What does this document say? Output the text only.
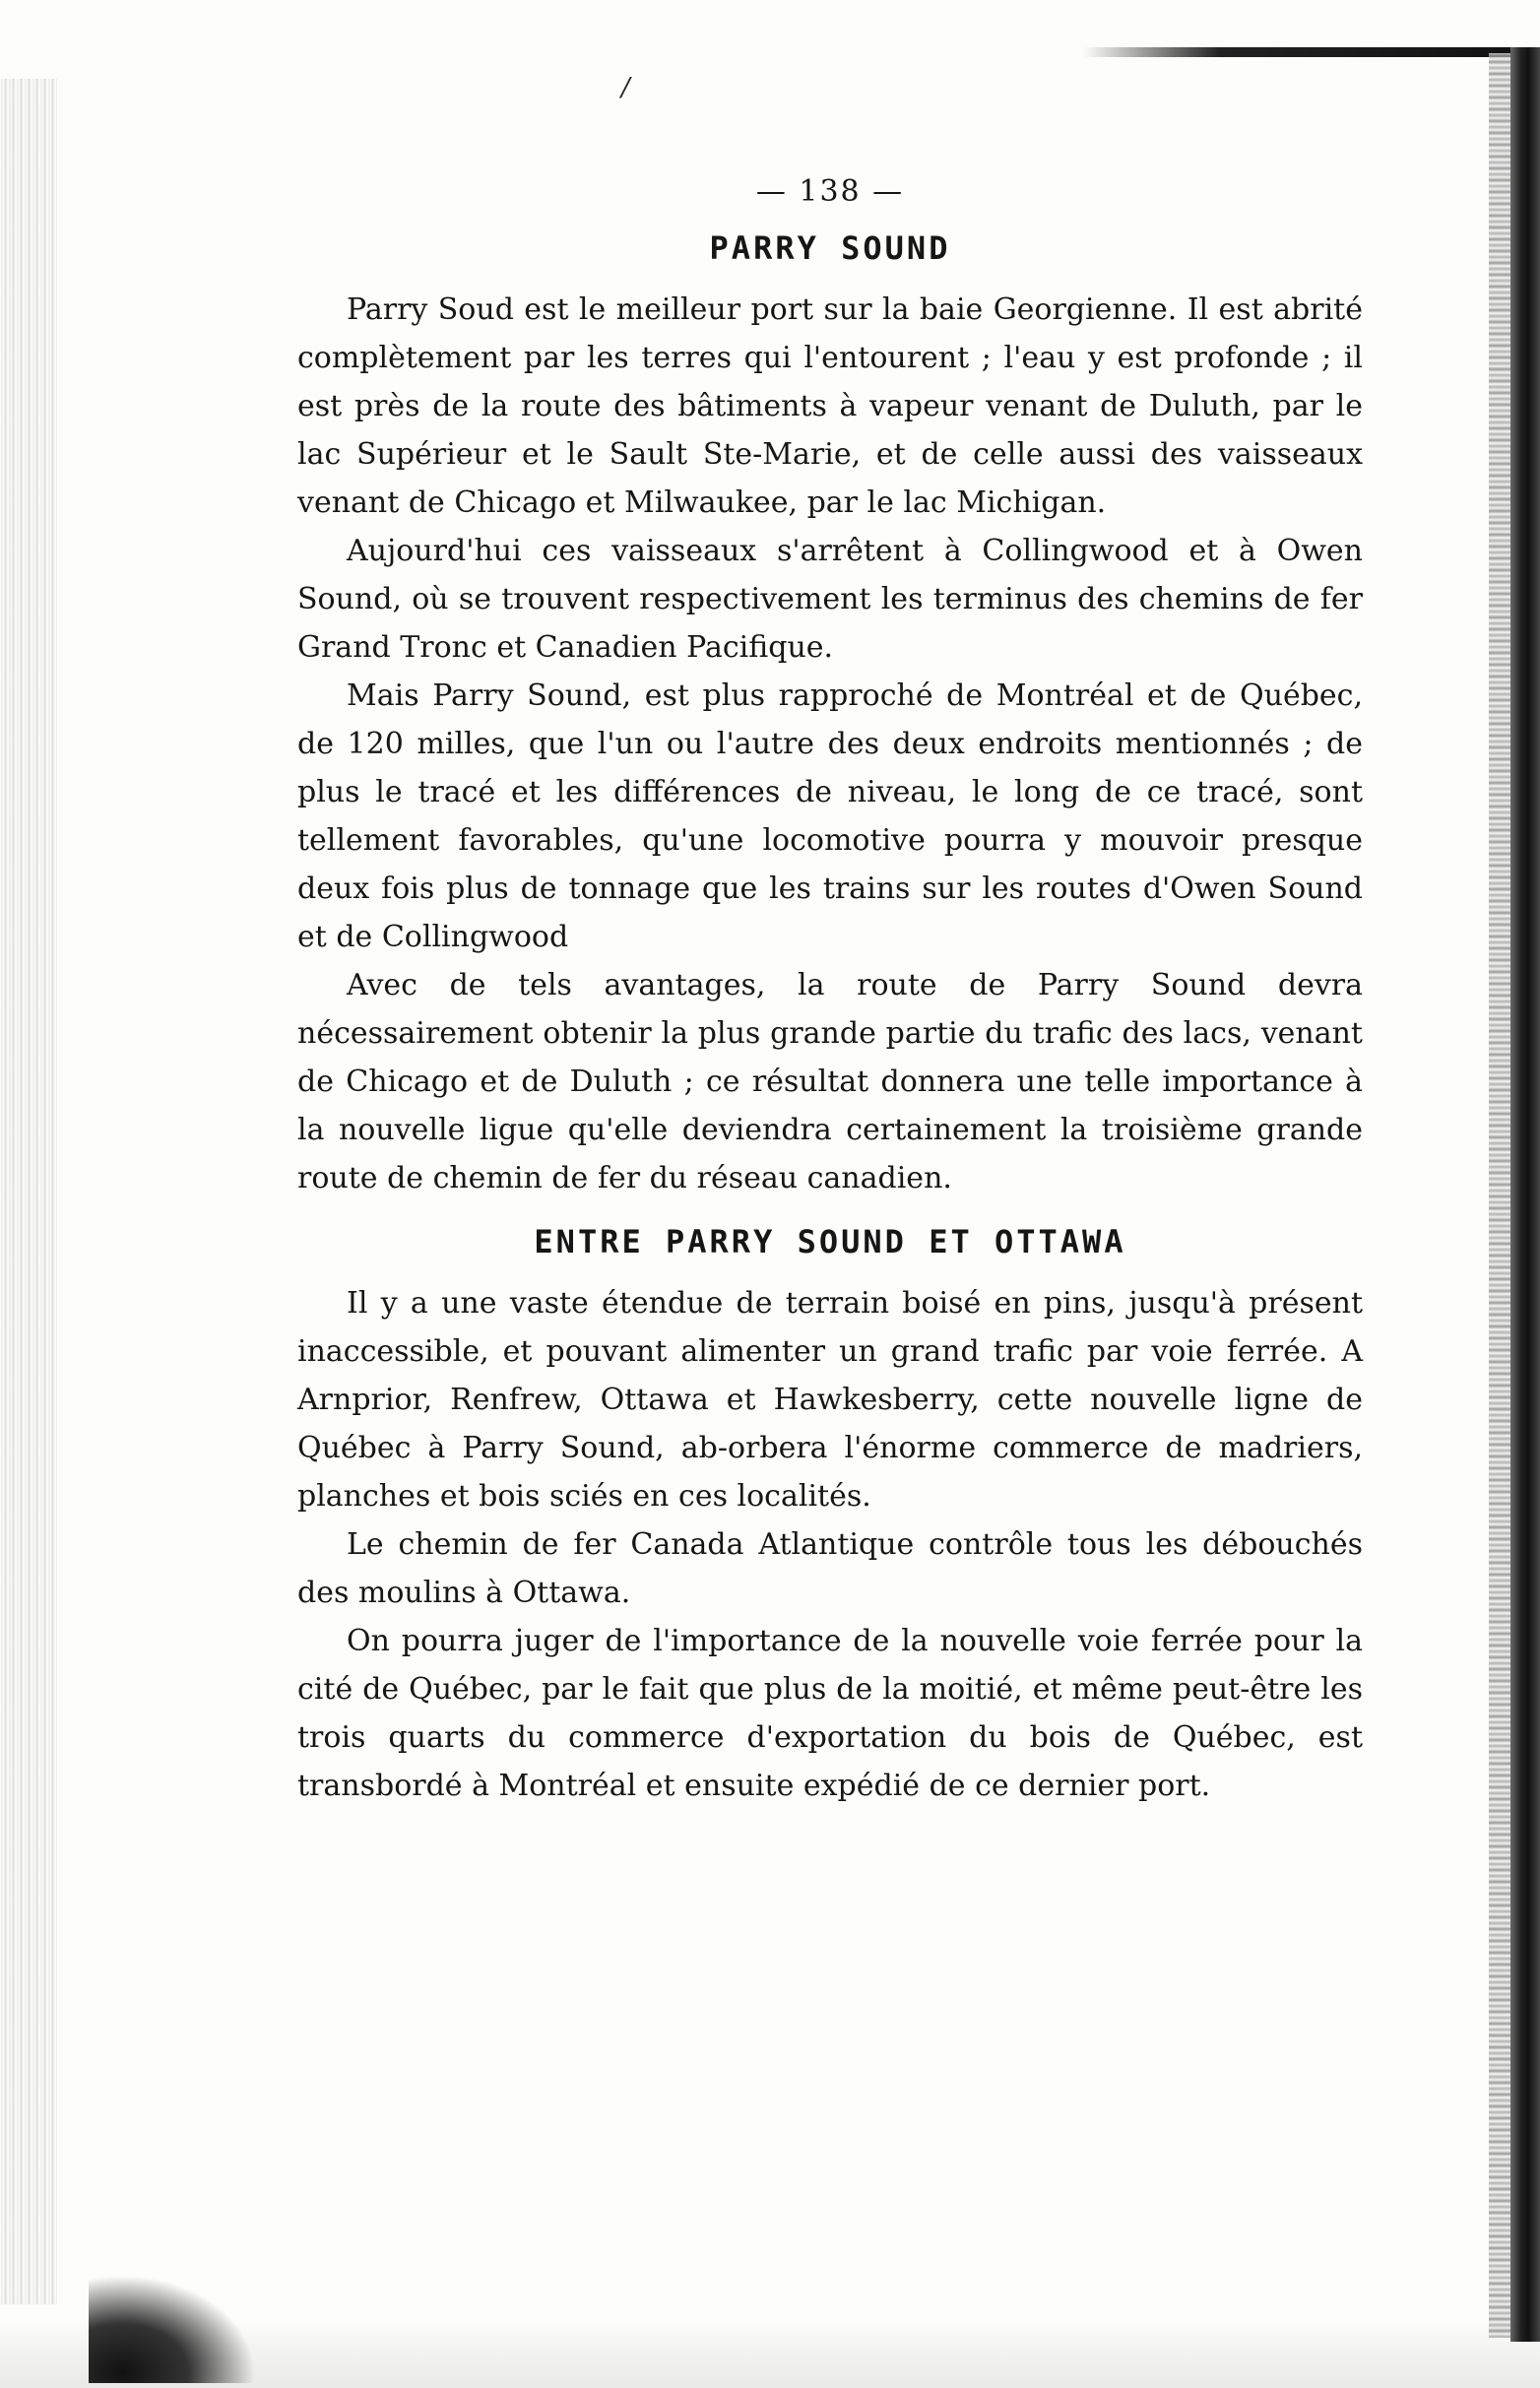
/
— 138 —
PARRY SOUND

Parry Soud est le meilleur port sur la baie Georgienne. Il est abrité complètement par les terres qui l'entourent ; l'eau y est profonde ; il est près de la route des bâtiments à vapeur venant de Duluth, par le lac Supérieur et le Sault Ste-Marie, et de celle aussi des vaisseaux venant de Chicago et Milwaukee, par le lac Michigan.

Aujourd'hui ces vaisseaux s'arrêtent à Collingwood et à Owen Sound, où se trouvent respectivement les terminus des chemins de fer Grand Tronc et Canadien Pacifique.

Mais Parry Sound, est plus rapproché de Montréal et de Québec, de 120 milles, que l'un ou l'autre des deux endroits mentionnés ; de plus le tracé et les différences de niveau, le long de ce tracé, sont tellement favorables, qu'une locomotive pourra y mouvoir presque deux fois plus de tonnage que les trains sur les routes d'Owen Sound et de Collingwood

Avec de tels avantages, la route de Parry Sound devra nécessairement obtenir la plus grande partie du trafic des lacs, venant de Chicago et de Duluth ; ce résultat donnera une telle importance à la nouvelle ligue qu'elle deviendra certainement la troisième grande route de chemin de fer du réseau canadien.

ENTRE PARRY SOUND ET OTTAWA

Il y a une vaste étendue de terrain boisé en pins, jusqu'à présent inaccessible, et pouvant alimenter un grand trafic par voie ferrée. A Arnprior, Renfrew, Ottawa et Hawkesberry, cette nouvelle ligne de Québec à Parry Sound, ab-orbera l'énorme commerce de madriers, planches et bois sciés en ces localités.

Le chemin de fer Canada Atlantique contrôle tous les débouchés des moulins à Ottawa.

On pourra juger de l'importance de la nouvelle voie ferrée pour la cité de Québec, par le fait que plus de la moitié, et même peut-être les trois quarts du commerce d'exportation du bois de Québec, est transbordé à Montréal et ensuite expédié de ce dernier port.
